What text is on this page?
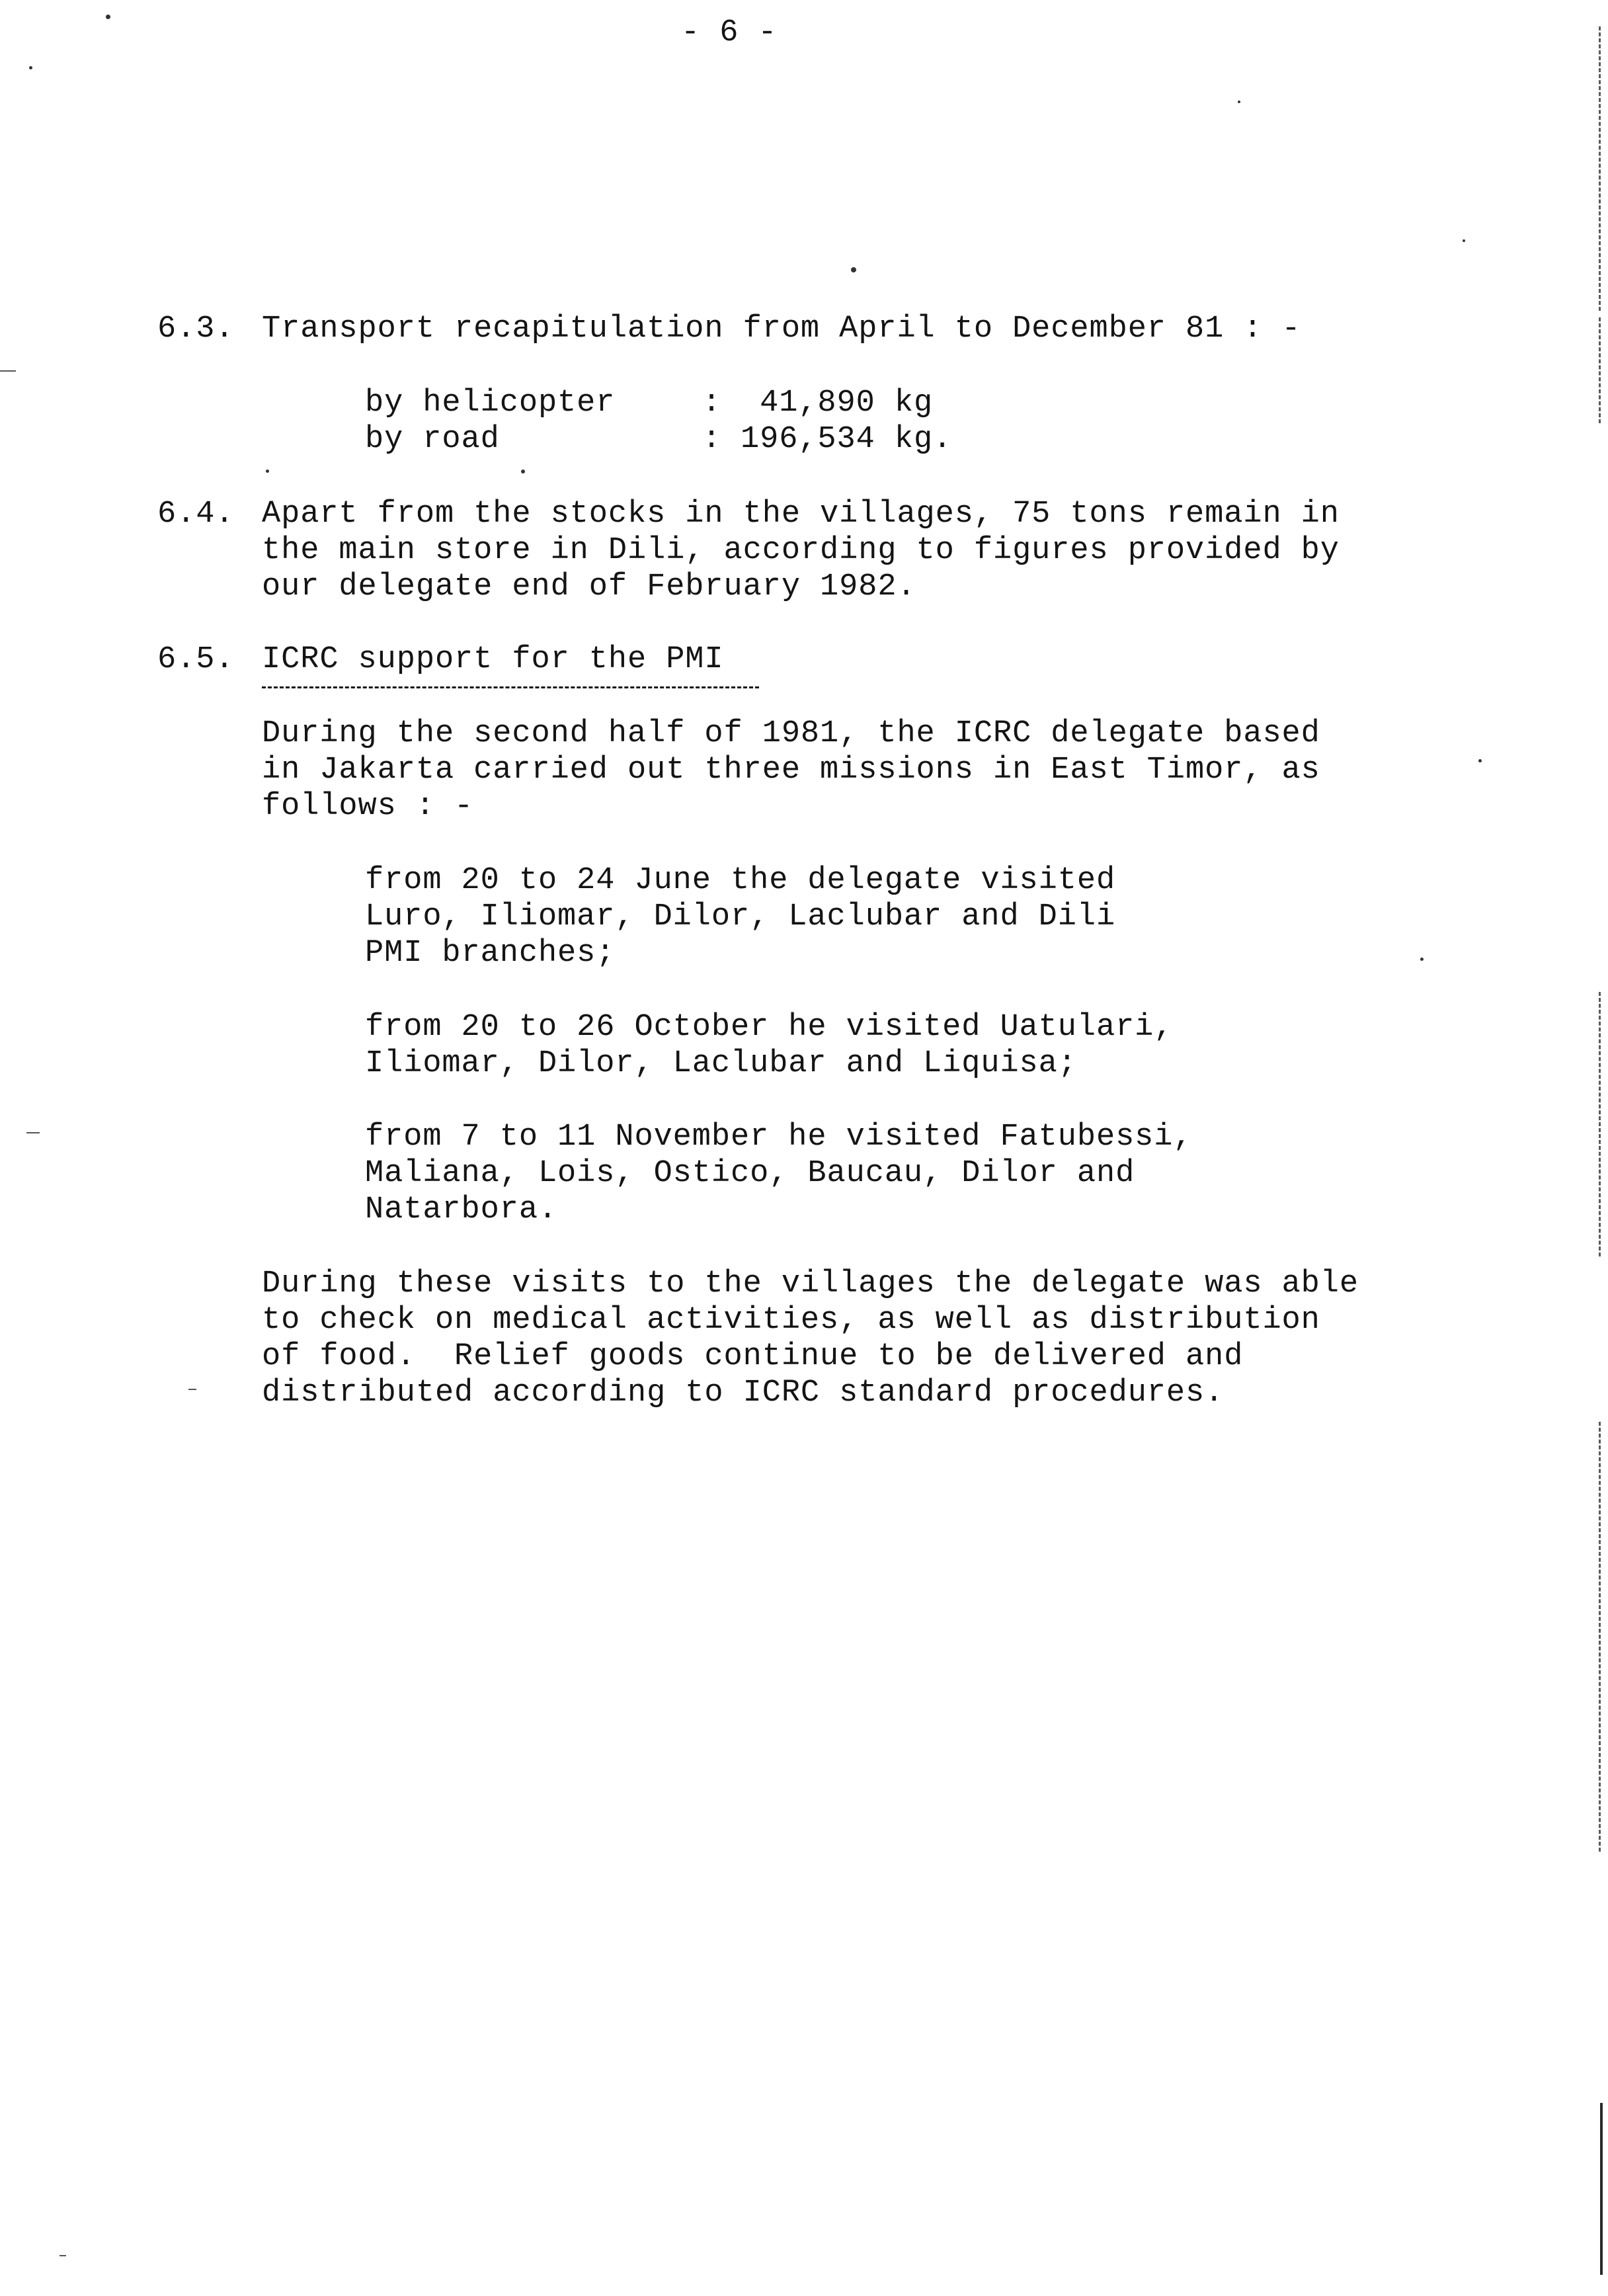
- 6 -
6.3. Transport recapitulation from April to December 81 : -
by helicopter	: 41,890 kg
by road	: 196,534 kg.
6.4. Apart from the stocks in the villages, 75 tons remain in
the main store in Dili, according to figures provided by
our delegate end of February 1982.
6.5. ICRC support for the PMI
During the second half of 1981, the ICRC delegate based
in Jakarta carried out three missions in East Timor, as
follows : -
from 20 to 24 June the delegate visited
Luro, Iliomar, Dilor, Laclubar and Dili
PMI branches;
from 20 to 26 October he visited Uatulari,
Iliomar, Dilor, Laclubar and Liquisa;
from 7 to 11 November he visited Fatubessi,
Maliana, Lois, Ostico, Baucau, Dilor and
Natarbora.
During these visits to the villages the delegate was able
to check on medical activities, as well as distribution
of food.  Relief goods continue to be delivered and
distributed according to ICRC standard procedures.
